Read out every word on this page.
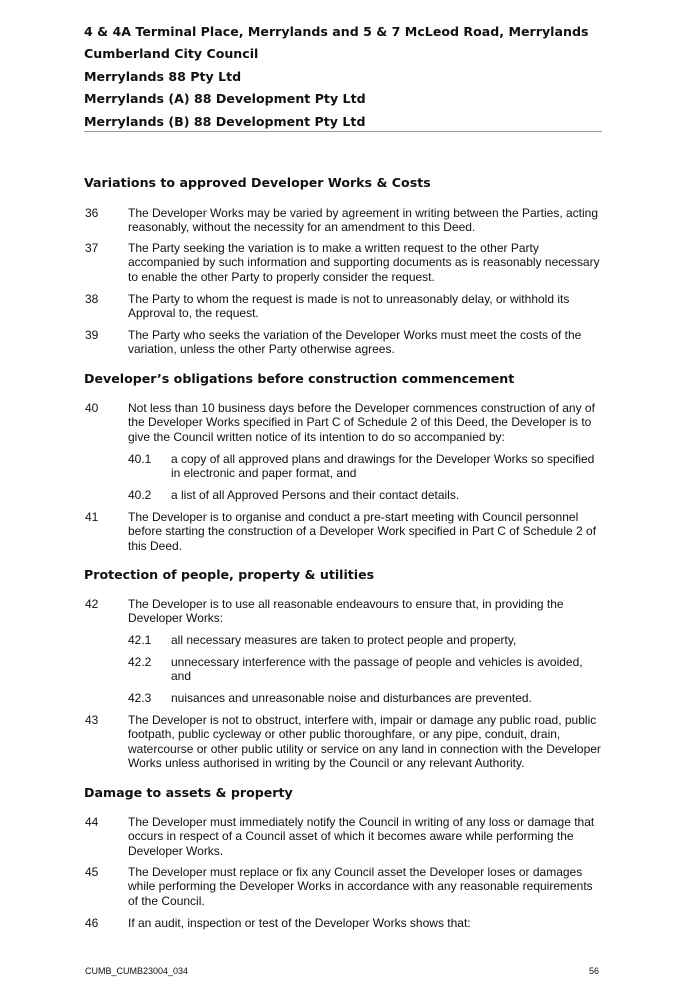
4 & 4A Terminal Place, Merrylands and 5 & 7 McLeod Road, Merrylands
Cumberland City Council
Merrylands 88 Pty Ltd
Merrylands (A) 88 Development Pty Ltd
Merrylands (B) 88 Development Pty Ltd
Variations to approved Developer Works & Costs
36 The Developer Works may be varied by agreement in writing between the Parties, acting reasonably, without the necessity for an amendment to this Deed.
37 The Party seeking the variation is to make a written request to the other Party accompanied by such information and supporting documents as is reasonably necessary to enable the other Party to properly consider the request.
38 The Party to whom the request is made is not to unreasonably delay, or withhold its Approval to, the request.
39 The Party who seeks the variation of the Developer Works must meet the costs of the variation, unless the other Party otherwise agrees.
Developer’s obligations before construction commencement
40 Not less than 10 business days before the Developer commences construction of any of the Developer Works specified in Part C of Schedule 2 of this Deed, the Developer is to give the Council written notice of its intention to do so accompanied by:
40.1 a copy of all approved plans and drawings for the Developer Works so specified in electronic and paper format, and
40.2 a list of all Approved Persons and their contact details.
41 The Developer is to organise and conduct a pre-start meeting with Council personnel before starting the construction of a Developer Work specified in Part C of Schedule 2 of this Deed.
Protection of people, property & utilities
42 The Developer is to use all reasonable endeavours to ensure that, in providing the Developer Works:
42.1 all necessary measures are taken to protect people and property,
42.2 unnecessary interference with the passage of people and vehicles is avoided, and
42.3 nuisances and unreasonable noise and disturbances are prevented.
43 The Developer is not to obstruct, interfere with, impair or damage any public road, public footpath, public cycleway or other public thoroughfare, or any pipe, conduit, drain, watercourse or other public utility or service on any land in connection with the Developer Works unless authorised in writing by the Council or any relevant Authority.
Damage to assets & property
44 The Developer must immediately notify the Council in writing of any loss or damage that occurs in respect of a Council asset of which it becomes aware while performing the Developer Works.
45 The Developer must replace or fix any Council asset the Developer loses or damages while performing the Developer Works in accordance with any reasonable requirements of the Council.
46 If an audit, inspection or test of the Developer Works shows that:
CUMB_CUMB23004_034	56
